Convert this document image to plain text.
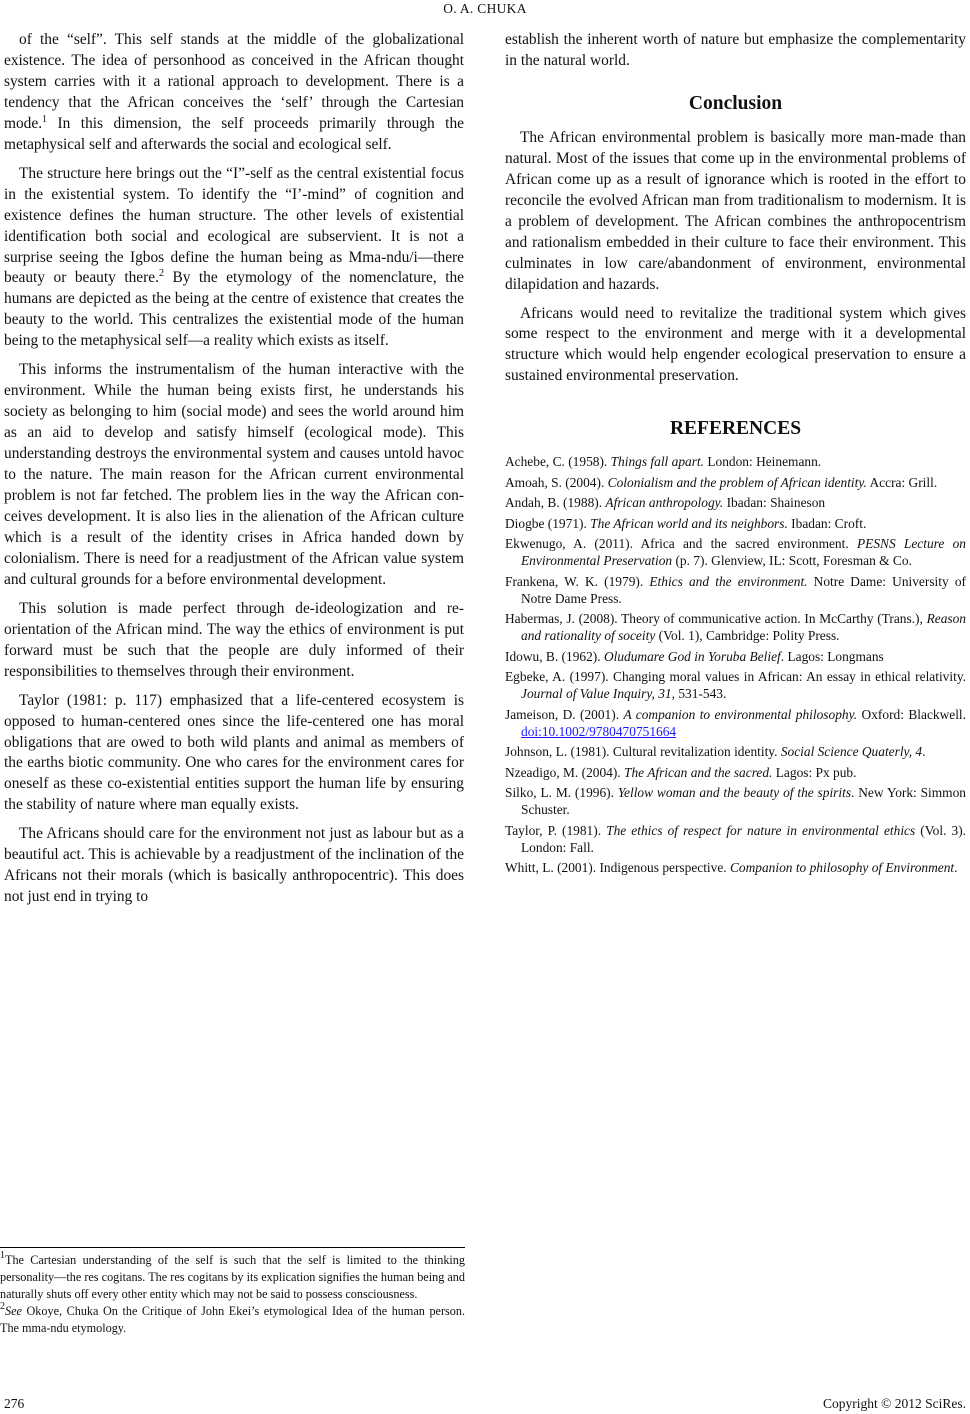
O. A. CHUKA

of the “self”. This self stands at the middle of the globalizational existence. The idea of personhood as conceived in the African thought system carries with it a rational approach to development. There is a tendency that the African conceives the ‘self’ through the Cartesian mode.$^1$ In this dimension, the self proceeds primarily through the metaphysical self and afterwards the social and ecological self.

The structure here brings out the “I”-self as the central existential focus in the existential system. To identify the “I’-mind” of cognition and existence defines the human structure. The other levels of existential identification both social and ecological are subservient. It is not a surprise seeing the Igbos define the human being as Mma-ndu/i—there beauty or beauty there.$^2$ By the etymology of the nomenclature, the humans are depicted as the being at the centre of existence that creates the beauty to the world. This centralizes the existential mode of the human being to the metaphysical self—a reality which exists as itself.

This informs the instrumentalism of the human interactive with the environment. While the human being exists first, he understands his society as belonging to him (social mode) and sees the world around him as an aid to develop and satisfy himself (ecological mode). This understanding destroys the environmental system and causes untold havoc to the nature. The main reason for the African current environmental problem is not far fetched. The problem lies in the way the African conceives development. It is also lies in the alienation of the African culture which is a result of the identity crises in Africa handed down by colonialism. There is need for a readjustment of the African value system and cultural grounds for a before environmental development.

This solution is made perfect through de-ideologization and re-orientation of the African mind. The way the ethics of environment is put forward must be such that the people are duly informed of their responsibilities to themselves through their environment.

Taylor (1981: p. 117) emphasized that a life-centered ecosystem is opposed to human-centered ones since the life-centered one has moral obligations that are owed to both wild plants and animal as members of the earths biotic community. One who cares for the environment cares for oneself as these co-existential entities support the human life by ensuring the stability of nature where man equally exists.

The Africans should care for the environment not just as labour but as a beautiful act. This is achievable by a readjustment of the inclination of the Africans not their morals (which is basically anthropocentric). This does not just end in trying to

establish the inherent worth of nature but emphasize the complementarity in the natural world.

Conclusion

The African environmental problem is basically more man-made than natural. Most of the issues that come up in the environmental problems of African come up as a result of ignorance which is rooted in the effort to reconcile the evolved African man from traditionalism to modernism. It is a problem of development. The African combines the anthropocentrism and rationalism embedded in their culture to face their environment. This culminates in low care/abandonment of environment, environmental dilapidation and hazards.

Africans would need to revitalize the traditional system which gives some respect to the environment and merge with it a developmental structure which would help engender ecological preservation to ensure a sustained environmental preservation.

REFERENCES
Achebe, C. (1958). Things fall apart. London: Heinemann.
Amoah, S. (2004). Colonialism and the problem of African identity. Accra: Grill.
Andah, B. (1988). African anthropology. Ibadan: Shaineson
Diogbe (1971). The African world and its neighbors. Ibadan: Croft.
Ekwenugo, A. (2011). Africa and the sacred environment. PESNS Lecture on Environmental Preservation (p. 7). Glenview, IL: Scott, Foresman & Co.
Frankena, W. K. (1979). Ethics and the environment. Notre Dame: University of Notre Dame Press.
Habermas, J. (2008). Theory of communicative action. In McCarthy (Trans.), Reason and rationality of soceity (Vol. 1), Cambridge: Polity Press.
Idowu, B. (1962). Oludumare God in Yoruba Belief. Lagos: Longmans
Egbeke, A. (1997). Changing moral values in African: An essay in ethical relativity. Journal of Value Inquiry, 31, 531-543.
Jameison, D. (2001). A companion to environmental philosophy. Oxford: Blackwell. doi:10.1002/9780470751664
Johnson, L. (1981). Cultural revitalization identity. Social Science Quaterly, 4.
Nzeadigo, M. (2004). The African and the sacred. Lagos: Px pub.
Silko, L. M. (1996). Yellow woman and the beauty of the spirits. New York: Simmon Schuster.
Taylor, P. (1981). The ethics of respect for nature in environmental ethics (Vol. 3). London: Fall.
Whitt, L. (2001). Indigenous perspective. Companion to philosophy of Environment.

$^1$The Cartesian understanding of the self is such that the self is limited to the thinking personality—the res cogitans. The res cogitans by its explication signifies the human being and naturally shuts off every other entity which may not be said to possess consciousness.

$^2$See Okoye, Chuka On the Critique of John Ekei’s etymological Idea of the human person. The mma-ndu etymology.

276	Copyright © 2012 SciRes.
